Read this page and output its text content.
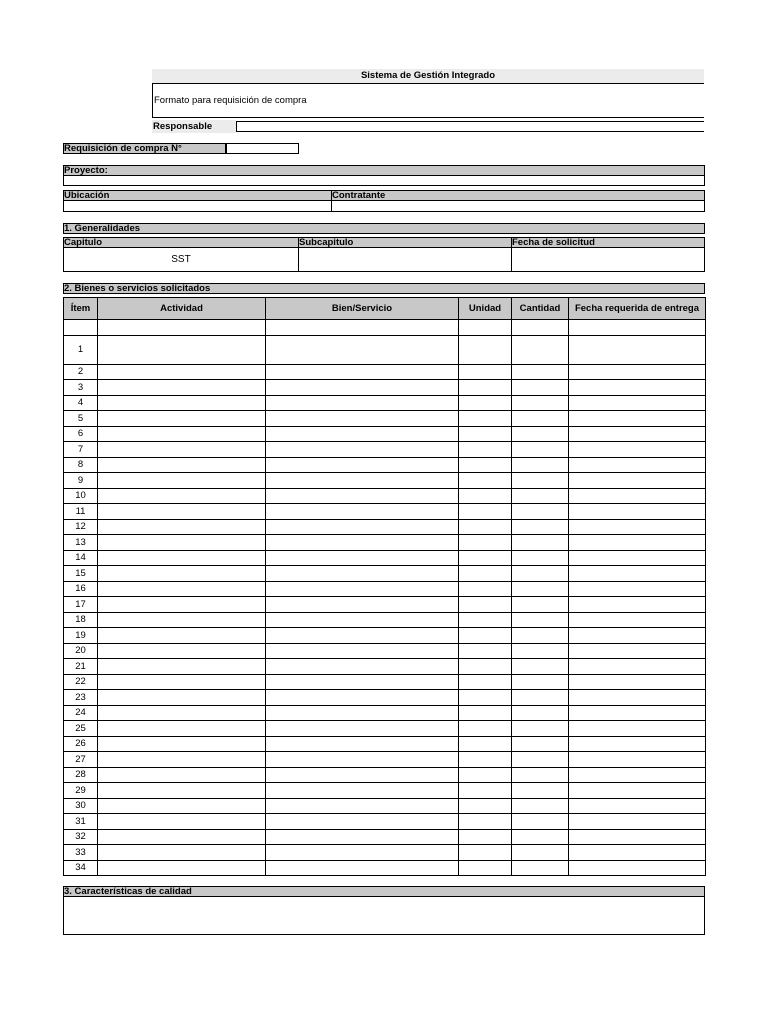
Sistema de Gestión Integrado
Formato para requisición de compra
Responsable
Requisición de compra N°
Proyecto:
Ubicación	Contratante
1. Generalidades
Capitulo	Subcapitulo	Fecha de solicitud
SST
2. Bienes o servicios solicitados
Ítem	Actividad	Bien/Servicio	Unidad	Cantidad	Fecha requerida de entrega

1					
2					
3					
4					
5					
6					
7					
8					
9					
10					
11					
12					
13					
14					
15					
16					
17					
18					
19					
20					
21					
22					
23					
24					
25					
26					
27					
28					
29					
30					
31					
32					
33					
34					
3. Características de calidad
